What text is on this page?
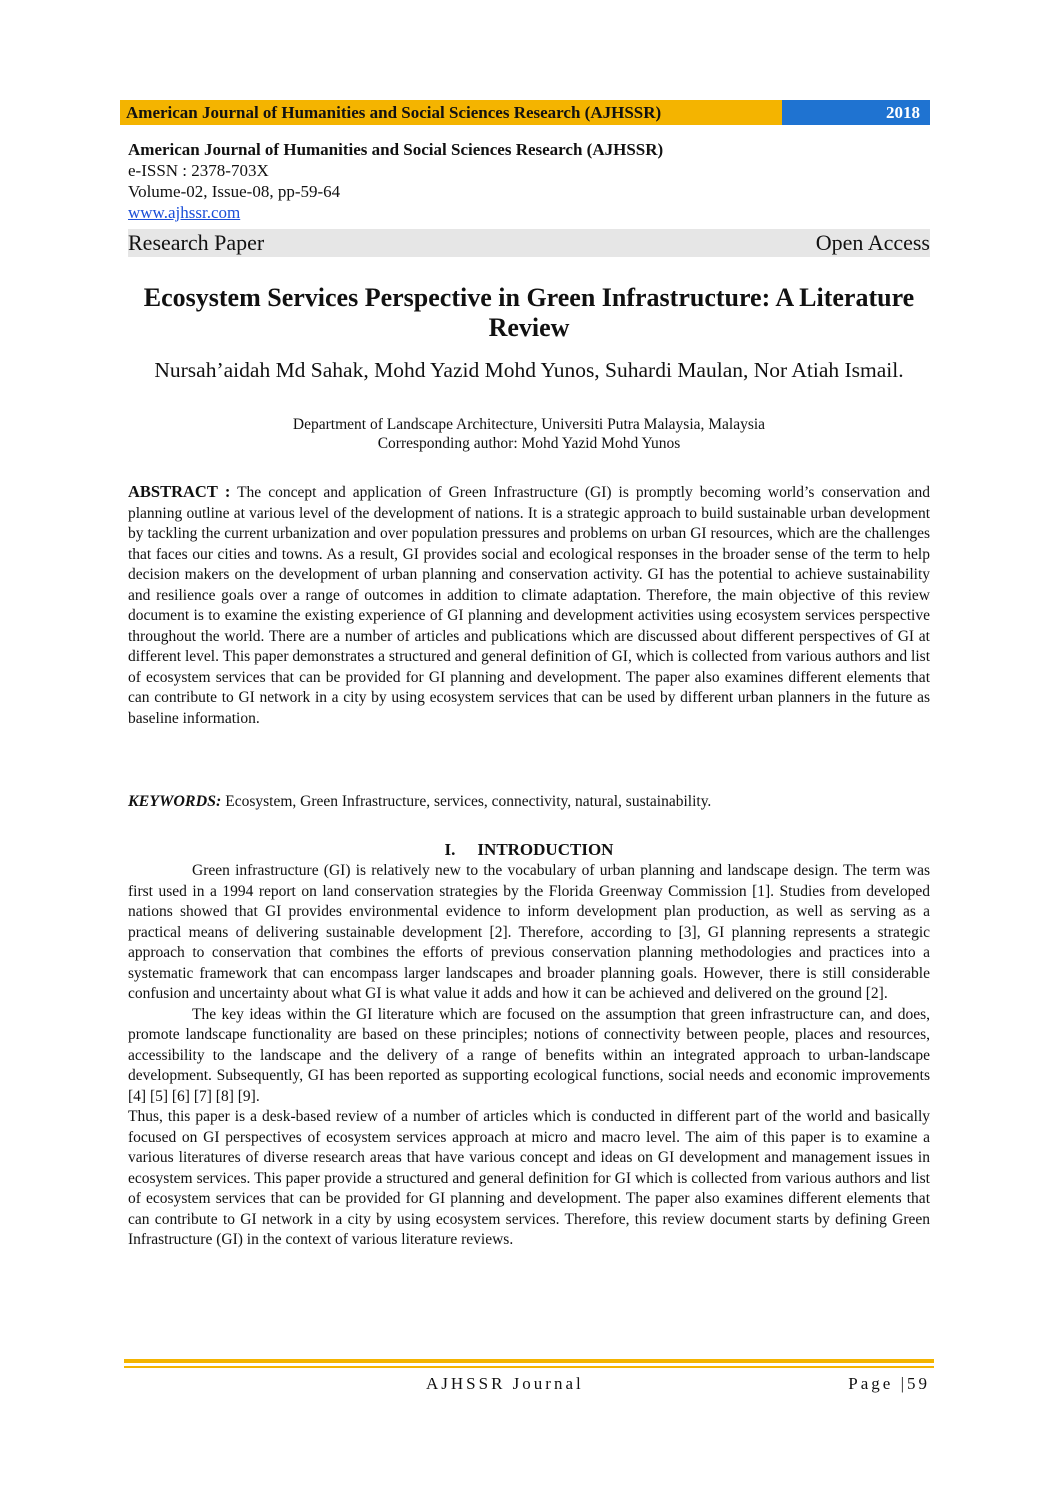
American Journal of Humanities and Social Sciences Research (AJHSSR)	2018
American Journal of Humanities and Social Sciences Research (AJHSSR)
e-ISSN : 2378-703X
Volume-02, Issue-08, pp-59-64
www.ajhssr.com
Research Paper	Open Access
Ecosystem Services Perspective in Green Infrastructure: A Literature Review
Nursah’aidah Md Sahak, Mohd Yazid Mohd Yunos, Suhardi Maulan, Nor Atiah Ismail.
Department of Landscape Architecture, Universiti Putra Malaysia, Malaysia
Corresponding author: Mohd Yazid Mohd Yunos

ABSTRACT : The concept and application of Green Infrastructure (GI) is promptly becoming world’s conservation and planning outline at various level of the development of nations. It is a strategic approach to build sustainable urban development by tackling the current urbanization and over population pressures and problems on urban GI resources, which are the challenges that faces our cities and towns. As a result, GI provides social and ecological responses in the broader sense of the term to help decision makers on the development of urban planning and conservation activity. GI has the potential to achieve sustainability and resilience goals over a range of outcomes in addition to climate adaptation. Therefore, the main objective of this review document is to examine the existing experience of GI planning and development activities using ecosystem services perspective throughout the world. There are a number of articles and publications which are discussed about different perspectives of GI at different level. This paper demonstrates a structured and general definition of GI, which is collected from various authors and list of ecosystem services that can be provided for GI planning and development. The paper also examines different elements that can contribute to GI network in a city by using ecosystem services that can be used by different urban planners in the future as baseline information.

KEYWORDS: Ecosystem, Green Infrastructure, services, connectivity, natural, sustainability.
I. INTRODUCTION

Green infrastructure (GI) is relatively new to the vocabulary of urban planning and landscape design. The term was first used in a 1994 report on land conservation strategies by the Florida Greenway Commission [1]. Studies from developed nations showed that GI provides environmental evidence to inform development plan production, as well as serving as a practical means of delivering sustainable development [2]. Therefore, according to [3], GI planning represents a strategic approach to conservation that combines the efforts of previous conservation planning methodologies and practices into a systematic framework that can encompass larger landscapes and broader planning goals. However, there is still considerable confusion and uncertainty about what GI is what value it adds and how it can be achieved and delivered on the ground [2].

The key ideas within the GI literature which are focused on the assumption that green infrastructure can, and does, promote landscape functionality are based on these principles; notions of connectivity between people, places and resources, accessibility to the landscape and the delivery of a range of benefits within an integrated approach to urban-landscape development. Subsequently, GI has been reported as supporting ecological functions, social needs and economic improvements [4] [5] [6] [7] [8] [9].

Thus, this paper is a desk-based review of a number of articles which is conducted in different part of the world and basically focused on GI perspectives of ecosystem services approach at micro and macro level. The aim of this paper is to examine a various literatures of diverse research areas that have various concept and ideas on GI development and management issues in ecosystem services. This paper provide a structured and general definition for GI which is collected from various authors and list of ecosystem services that can be provided for GI planning and development. The paper also examines different elements that can contribute to GI network in a city by using ecosystem services. Therefore, this review document starts by defining Green Infrastructure (GI) in the context of various literature reviews.

AJHSSR Journal	Page |59
